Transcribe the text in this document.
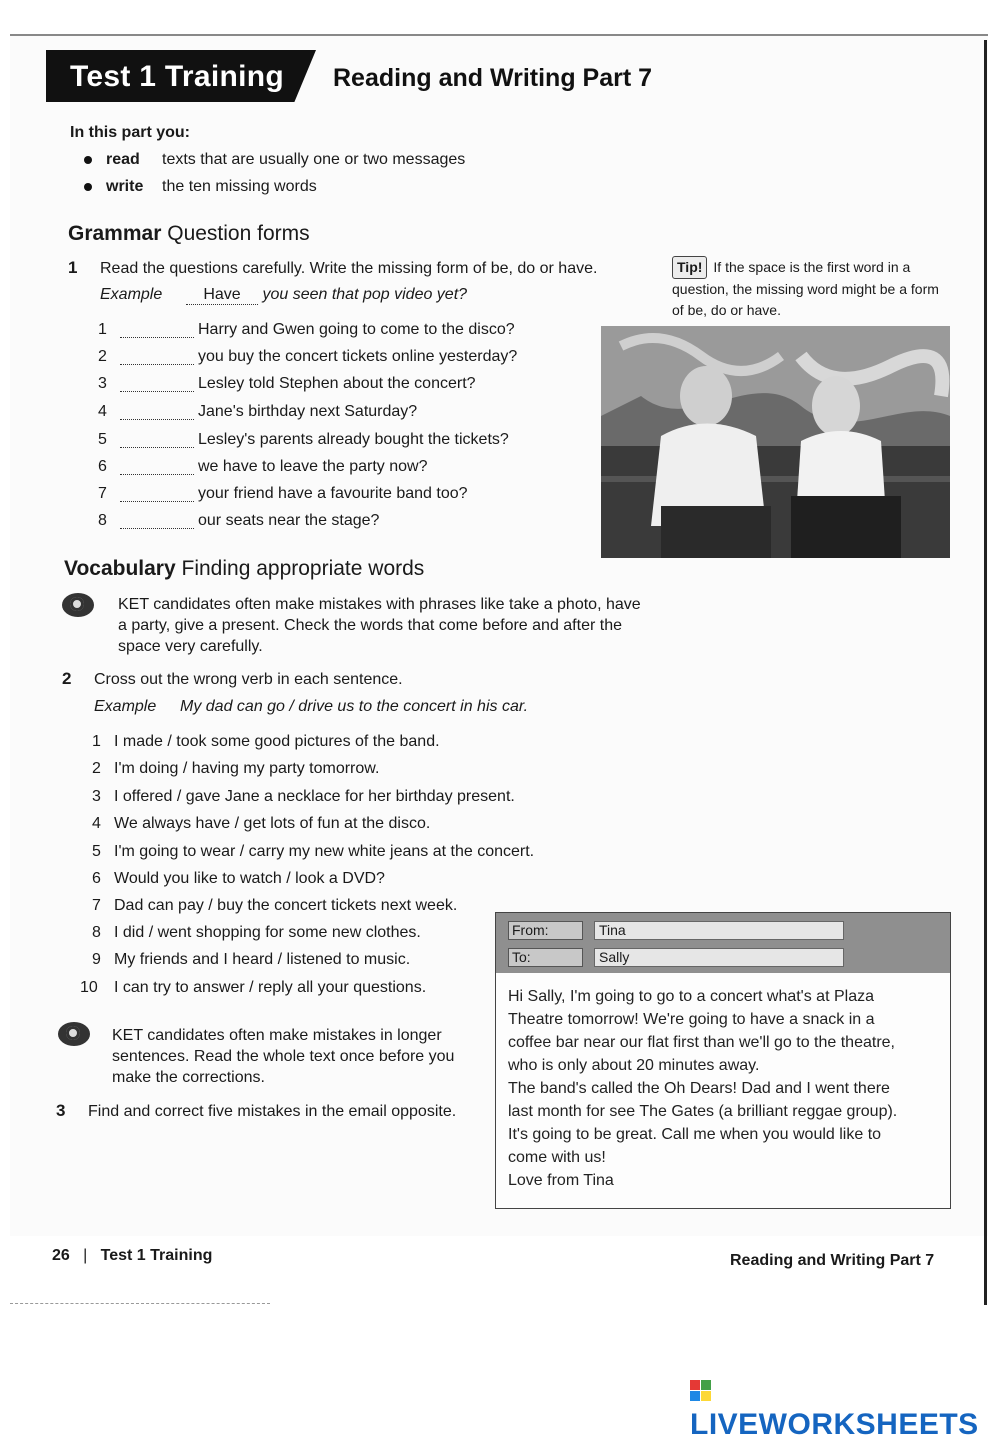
Test 1 Training Reading and Writing Part 7
In this part you:
read texts that are usually one or two messages
write the ten missing words
Grammar Question forms
1 Read the questions carefully. Write the missing form of be, do or have.
Example	Have you seen that pop video yet?
1	Harry and Gwen going to come to the disco?
2	you buy the concert tickets online yesterday?
3	Lesley told Stephen about the concert?
4	Jane's birthday next Saturday?
5	Lesley's parents already bought the tickets?
6	we have to leave the party now?
7	your friend have a favourite band too?
8	our seats near the stage?
Tip! If the space is the first word in a question, the missing word might be a form of be, do or have.
Vocabulary Finding appropriate words
KET candidates often make mistakes with phrases like take a photo, have a party, give a present. Check the words that come before and after the space very carefully.
2 Cross out the wrong verb in each sentence.
Example My dad can go / drive us to the concert in his car.
1 I made / took some good pictures of the band.
2 I'm doing / having my party tomorrow.
3 I offered / gave Jane a necklace for her birthday present.
4 We always have / get lots of fun at the disco.
5 I'm going to wear / carry my new white jeans at the concert.
6 Would you like to watch / look a DVD?
7 Dad can pay / buy the concert tickets next week.
8 I did / went shopping for some new clothes.
9 My friends and I heard / listened to music.
10 I can try to answer / reply all your questions.
KET candidates often make mistakes in longer sentences. Read the whole text once before you make the corrections.
3 Find and correct five mistakes in the email opposite.
From:	Tina
To:	Sally
Hi Sally, I'm going to go to a concert what's at Plaza
Theatre tomorrow! We're going to have a snack in a
coffee bar near our flat first than we'll go to the theatre,
who is only about 20 minutes away.
The band's called the Oh Dears! Dad and I went there
last month for see The Gates (a brilliant reggae group).
It's going to be great. Call me when you would like to
come with us!
Love from Tina
26 | Test 1 Training	Reading and Writing Part 7
LIVEWORKSHEETS
